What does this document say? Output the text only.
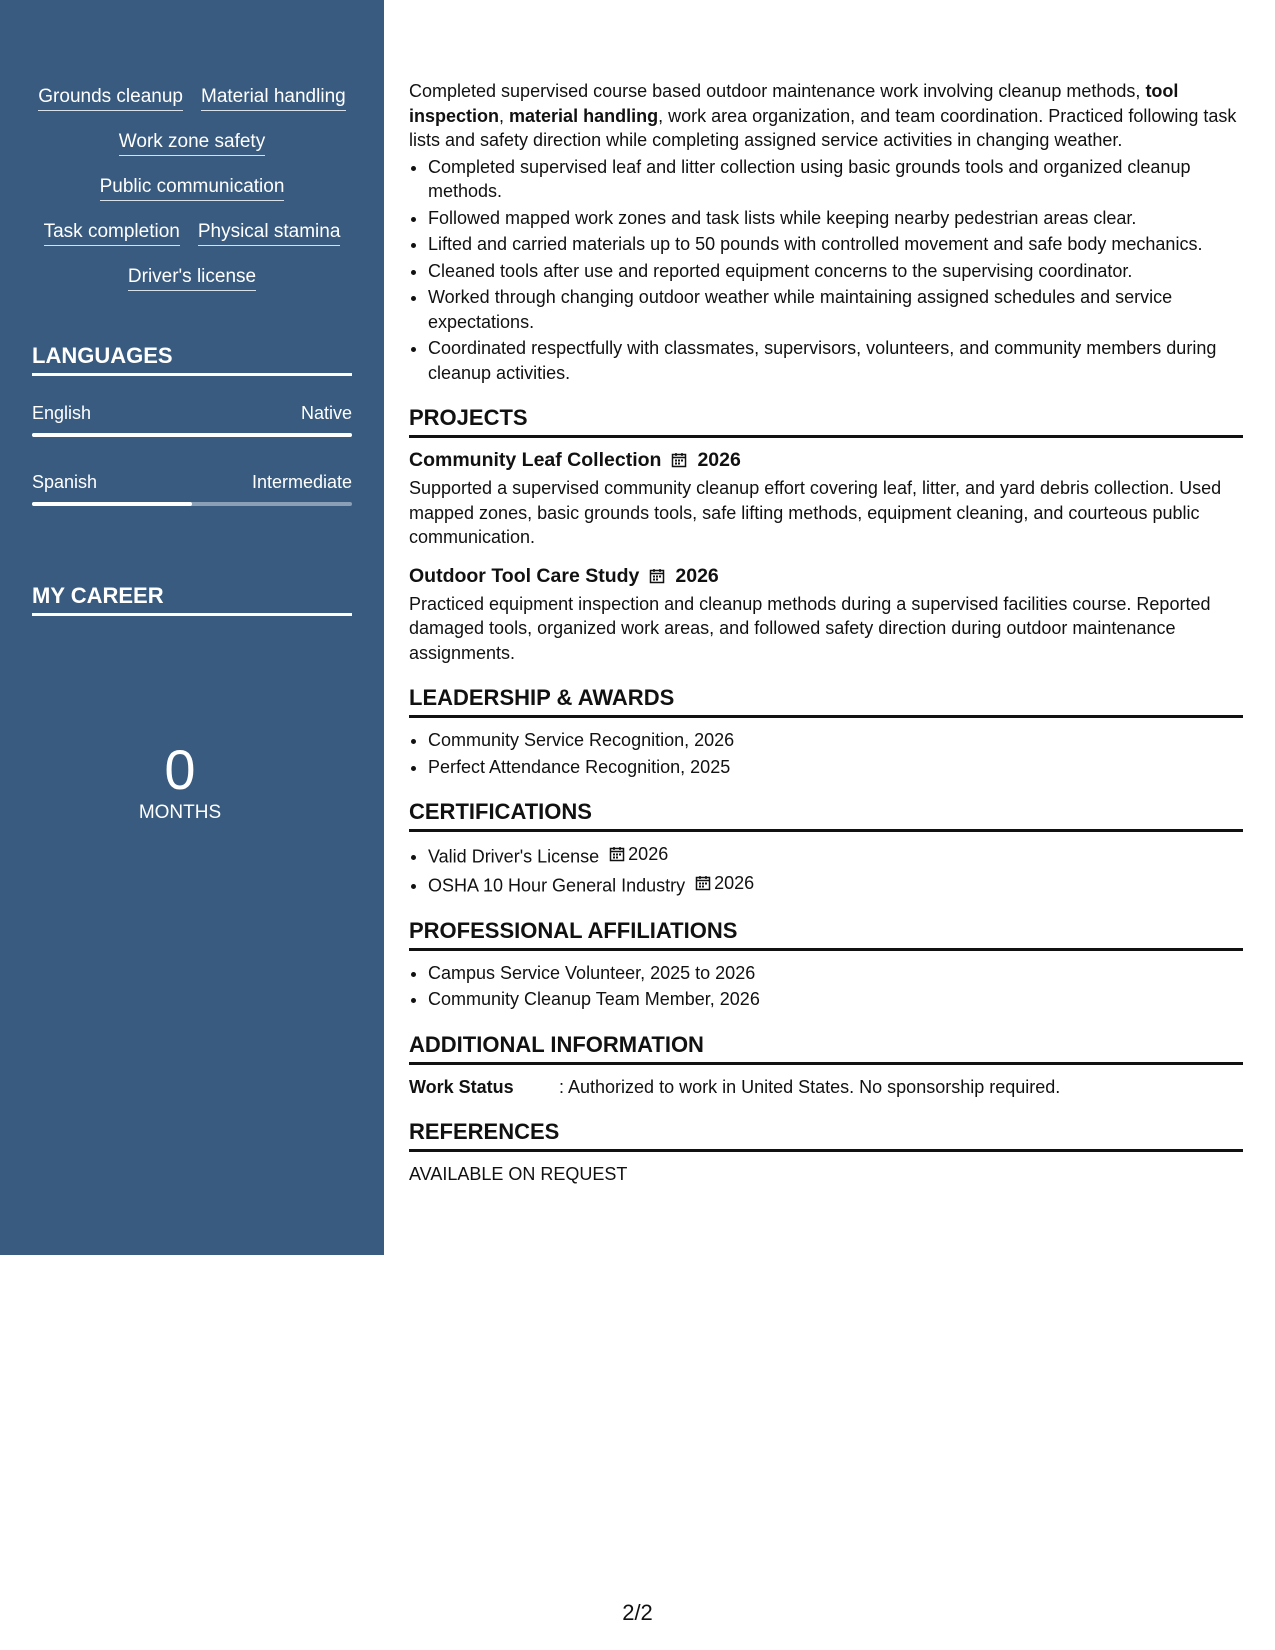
Grounds cleanup Material handling
Work zone safety
Public communication
Task completion Physical stamina
Driver's license
LANGUAGES
English	Native
Spanish	Intermediate
MY CAREER
0
MONTHS

Completed supervised course based outdoor maintenance work involving cleanup methods, tool inspection, material handling, work area organization, and team coordination. Practiced following task lists and safety direction while completing assigned service activities in changing weather.

• Completed supervised leaf and litter collection using basic grounds tools and organized cleanup methods.
• Followed mapped work zones and task lists while keeping nearby pedestrian areas clear.
• Lifted and carried materials up to 50 pounds with controlled movement and safe body mechanics.
• Cleaned tools after use and reported equipment concerns to the supervising coordinator.
• Worked through changing outdoor weather while maintaining assigned schedules and service expectations.
• Coordinated respectfully with classmates, supervisors, volunteers, and community members during cleanup activities.
PROJECTS
Community Leaf Collection 2026

Supported a supervised community cleanup effort covering leaf, litter, and yard debris collection. Used mapped zones, basic grounds tools, safe lifting methods, equipment cleaning, and courteous public communication.

Outdoor Tool Care Study 2026

Practiced equipment inspection and cleanup methods during a supervised facilities course. Reported damaged tools, organized work areas, and followed safety direction during outdoor maintenance assignments.

LEADERSHIP & AWARDS
• Community Service Recognition, 2026
• Perfect Attendance Recognition, 2025
CERTIFICATIONS
• Valid Driver's License 2026
• OSHA 10 Hour General Industry 2026
PROFESSIONAL AFFILIATIONS
• Campus Service Volunteer, 2025 to 2026
• Community Cleanup Team Member, 2026
ADDITIONAL INFORMATION
Work Status	: Authorized to work in United States. No sponsorship required.
REFERENCES
AVAILABLE ON REQUEST
2/2
